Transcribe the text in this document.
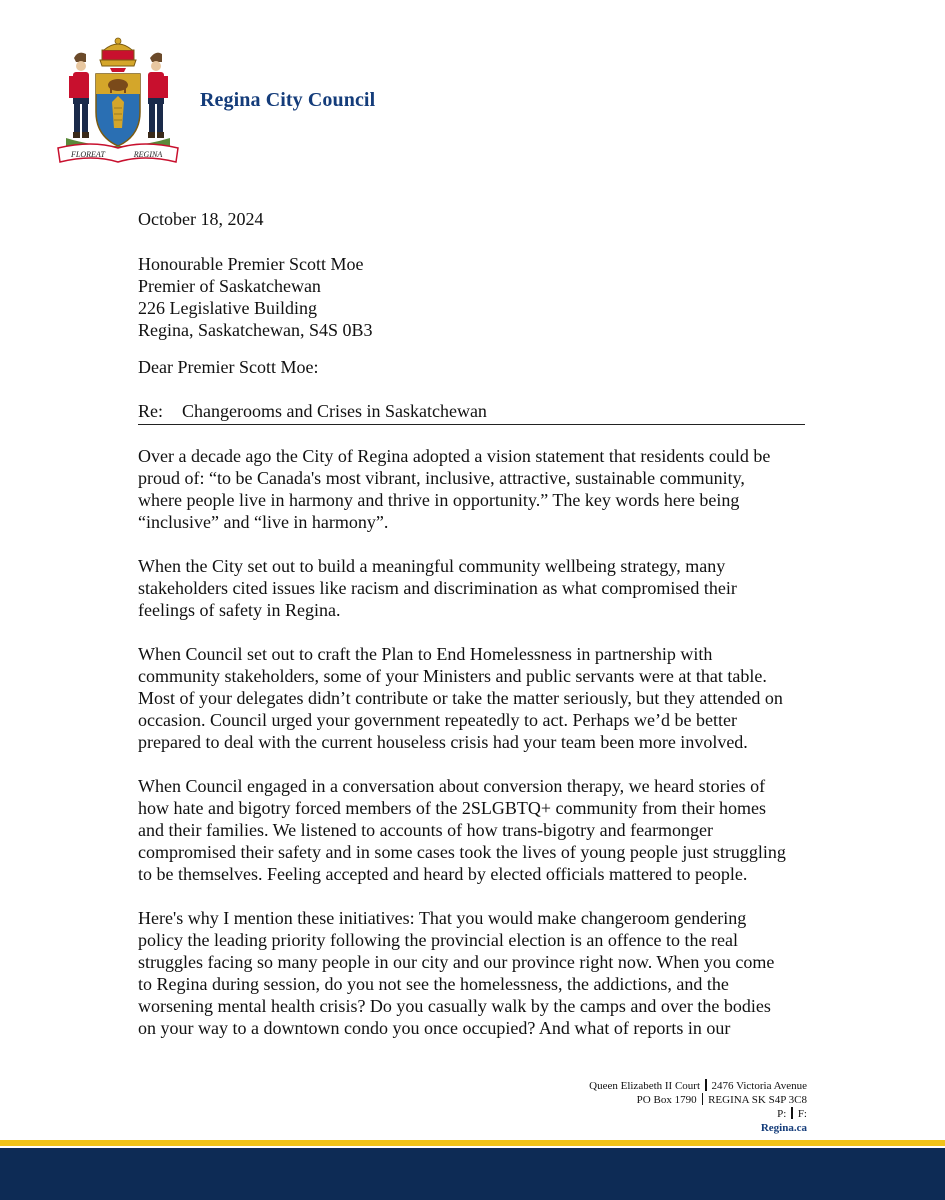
FLOREAT	REGINA
Regina City Council
October 18, 2024
Honourable Premier Scott Moe
Premier of Saskatchewan
226 Legislative Building
Regina, Saskatchewan, S4S 0B3
Dear Premier Scott Moe:
Re: Changerooms and Crises in Saskatchewan

Over a decade ago the City of Regina adopted a vision statement that residents could be
proud of: “to be Canada's most vibrant, inclusive, attractive, sustainable community,
where people live in harmony and thrive in opportunity.” The key words here being
“inclusive” and “live in harmony”.

When the City set out to build a meaningful community wellbeing strategy, many
stakeholders cited issues like racism and discrimination as what compromised their
feelings of safety in Regina.

When Council set out to craft the Plan to End Homelessness in partnership with
community stakeholders, some of your Ministers and public servants were at that table.
Most of your delegates didn’t contribute or take the matter seriously, but they attended on
occasion. Council urged your government repeatedly to act. Perhaps we’d be better
prepared to deal with the current houseless crisis had your team been more involved.

When Council engaged in a conversation about conversion therapy, we heard stories of
how hate and bigotry forced members of the 2SLGBTQ+ community from their homes
and their families. We listened to accounts of how trans-bigotry and fearmonger
compromised their safety and in some cases took the lives of young people just struggling
to be themselves. Feeling accepted and heard by elected officials mattered to people.

Here's why I mention these initiatives: That you would make changeroom gendering
policy the leading priority following the provincial election is an offence to the real
struggles facing so many people in our city and our province right now. When you come
to Regina during session, do you not see the homelessness, the addictions, and the
worsening mental health crisis? Do you casually walk by the camps and over the bodies
on your way to a downtown condo you once occupied? And what of reports in our

Queen Elizabeth II Court 2476 Victoria Avenue
PO Box 1790 REGINA SK S4P 3C8
P: F:
Regina.ca
